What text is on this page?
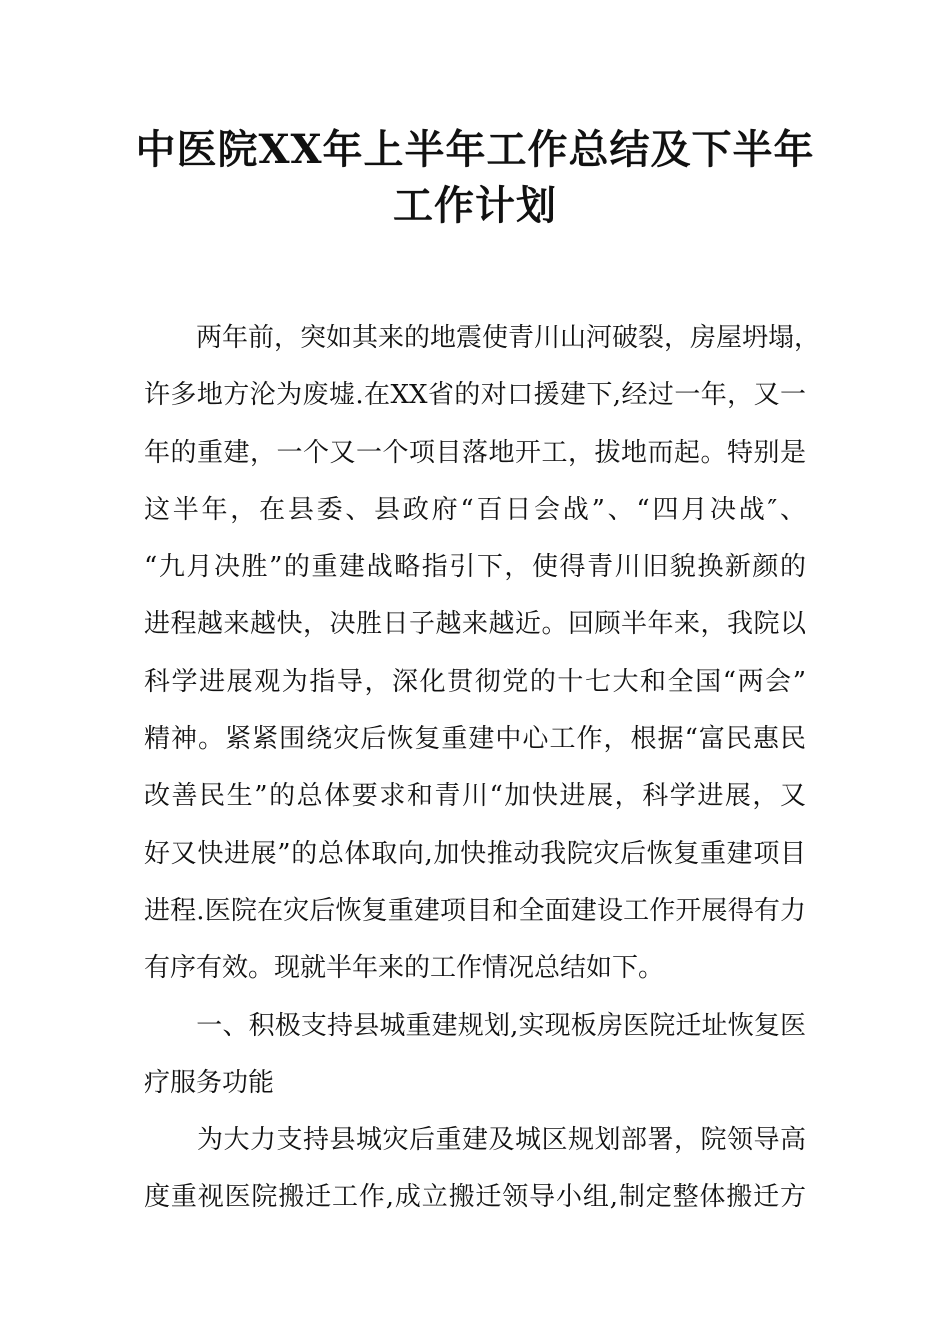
中医院XX年上半年工作总结及下半年
工作计划
　　两年前，突如其来的地震使青川山河破裂，房屋坍塌，
许多地方沦为废墟.在XX省的对口援建下,经过一年，又一
年的重建，一个又一个项目落地开工，拔地而起。特别是
这半年，在县委、县政府“百日会战”、“四月决战″、
“九月决胜”的重建战略指引下，使得青川旧貌换新颜的
进程越来越快，决胜日子越来越近。回顾半年来，我院以
科学进展观为指导，深化贯彻党的十七大和全国“两会”
精神。紧紧围绕灾后恢复重建中心工作，根据“富民惠民
改善民生”的总体要求和青川“加快进展，科学进展，又
好又快进展”的总体取向,加快推动我院灾后恢复重建项目
进程.医院在灾后恢复重建项目和全面建设工作开展得有力
有序有效。现就半年来的工作情况总结如下。
　　一、积极支持县城重建规划,实现板房医院迁址恢复医
疗服务功能
　　为大力支持县城灾后重建及城区规划部署，院领导高
度重视医院搬迁工作,成立搬迁领导小组,制定整体搬迁方
